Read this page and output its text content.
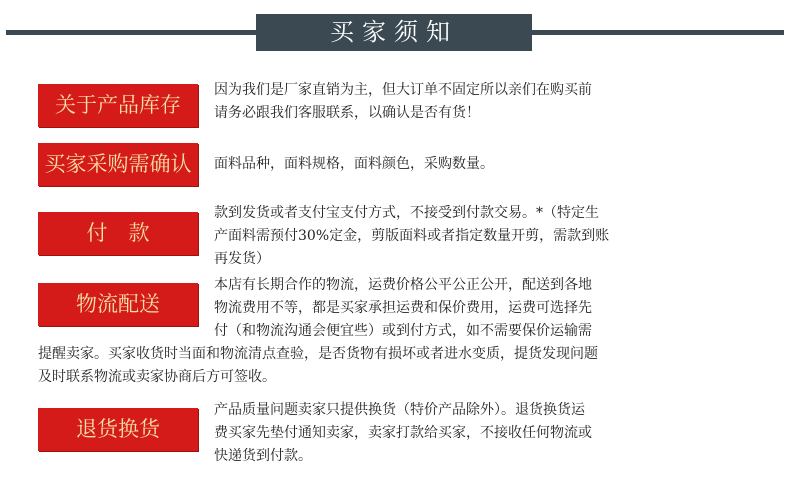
买家须知
关于产品库存
因为我们是厂家直销为主，但大订单不固定所以亲们在购买前
请务必跟我们客服联系，以确认是否有货！
买家采购需确认	面料品种，面料规格，面料颜色，采购数量。
付　款
款到发货或者支付宝支付方式，不接受到付款交易。*（特定生
产面料需预付30%定金，剪版面料或者指定数量开剪，需款到账
再发货）
物流配送
本店有长期合作的物流，运费价格公平公正公开，配送到各地
物流费用不等，都是买家承担运费和保价费用，运费可选择先
付（和物流沟通会便宜些）或到付方式，如不需要保价运输需
提醒卖家。买家收货时当面和物流清点查验，是否货物有损坏或者进水变质，提货发现问题
及时联系物流或卖家协商后方可签收。
退货换货
产品质量问题卖家只提供换货（特价产品除外）。退货换货运
费买家先垫付通知卖家，卖家打款给买家，不接收任何物流或
快递货到付款。
